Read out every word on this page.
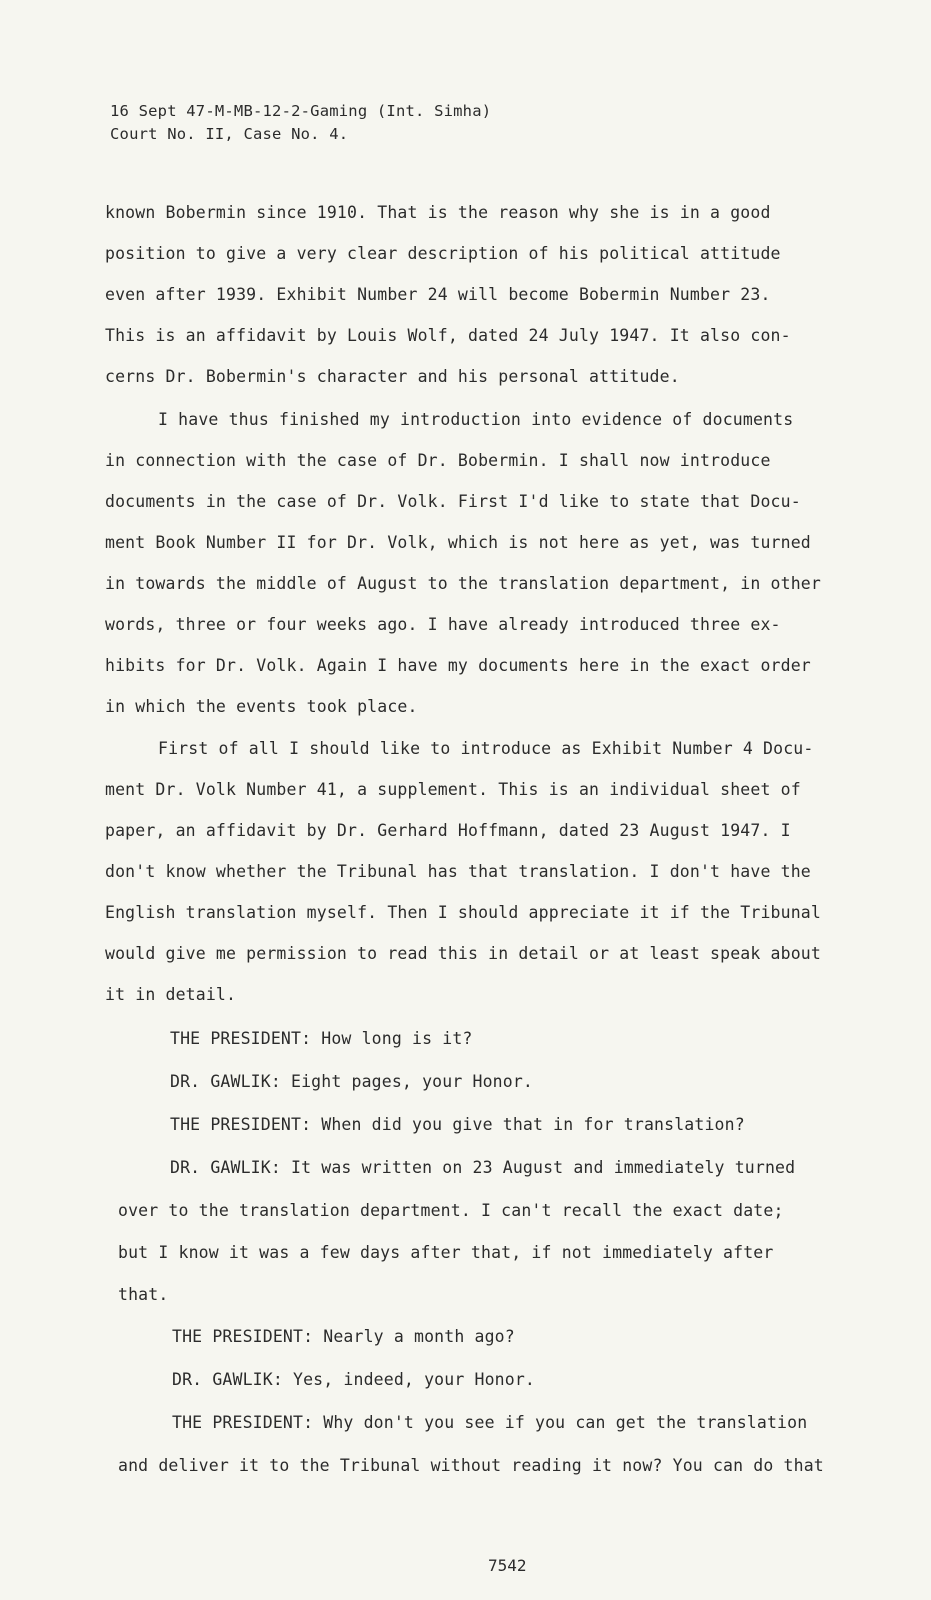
16 Sept 47-M-MB-12-2-Gaming (Int. Simha)
Court No. II, Case No. 4.
known Bobermin since 1910. That is the reason why she is in a good
position to give a very clear description of his political attitude
even after 1939. Exhibit Number 24 will become Bobermin Number 23.
This is an affidavit by Louis Wolf, dated 24 July 1947. It also con-
cerns Dr. Bobermin's character and his personal attitude.
I have thus finished my introduction into evidence of documents
in connection with the case of Dr. Bobermin. I shall now introduce
documents in the case of Dr. Volk. First I'd like to state that Docu-
ment Book Number II for Dr. Volk, which is not here as yet, was turned
in towards the middle of August to the translation department, in other
words, three or four weeks ago. I have already introduced three ex-
hibits for Dr. Volk. Again I have my documents here in the exact order
in which the events took place.
First of all I should like to introduce as Exhibit Number 4 Docu-
ment Dr. Volk Number 41, a supplement. This is an individual sheet of
paper, an affidavit by Dr. Gerhard Hoffmann, dated 23 August 1947. I
don't know whether the Tribunal has that translation. I don't have the
English translation myself. Then I should appreciate it if the Tribunal
would give me permission to read this in detail or at least speak about
it in detail.
THE PRESIDENT: How long is it?
DR. GAWLIK: Eight pages, your Honor.
THE PRESIDENT: When did you give that in for translation?
DR. GAWLIK: It was written on 23 August and immediately turned
over to the translation department. I can't recall the exact date;
but I know it was a few days after that, if not immediately after
that.
THE PRESIDENT: Nearly a month ago?
DR. GAWLIK: Yes, indeed, your Honor.
THE PRESIDENT: Why don't you see if you can get the translation
and deliver it to the Tribunal without reading it now? You can do that
7542
